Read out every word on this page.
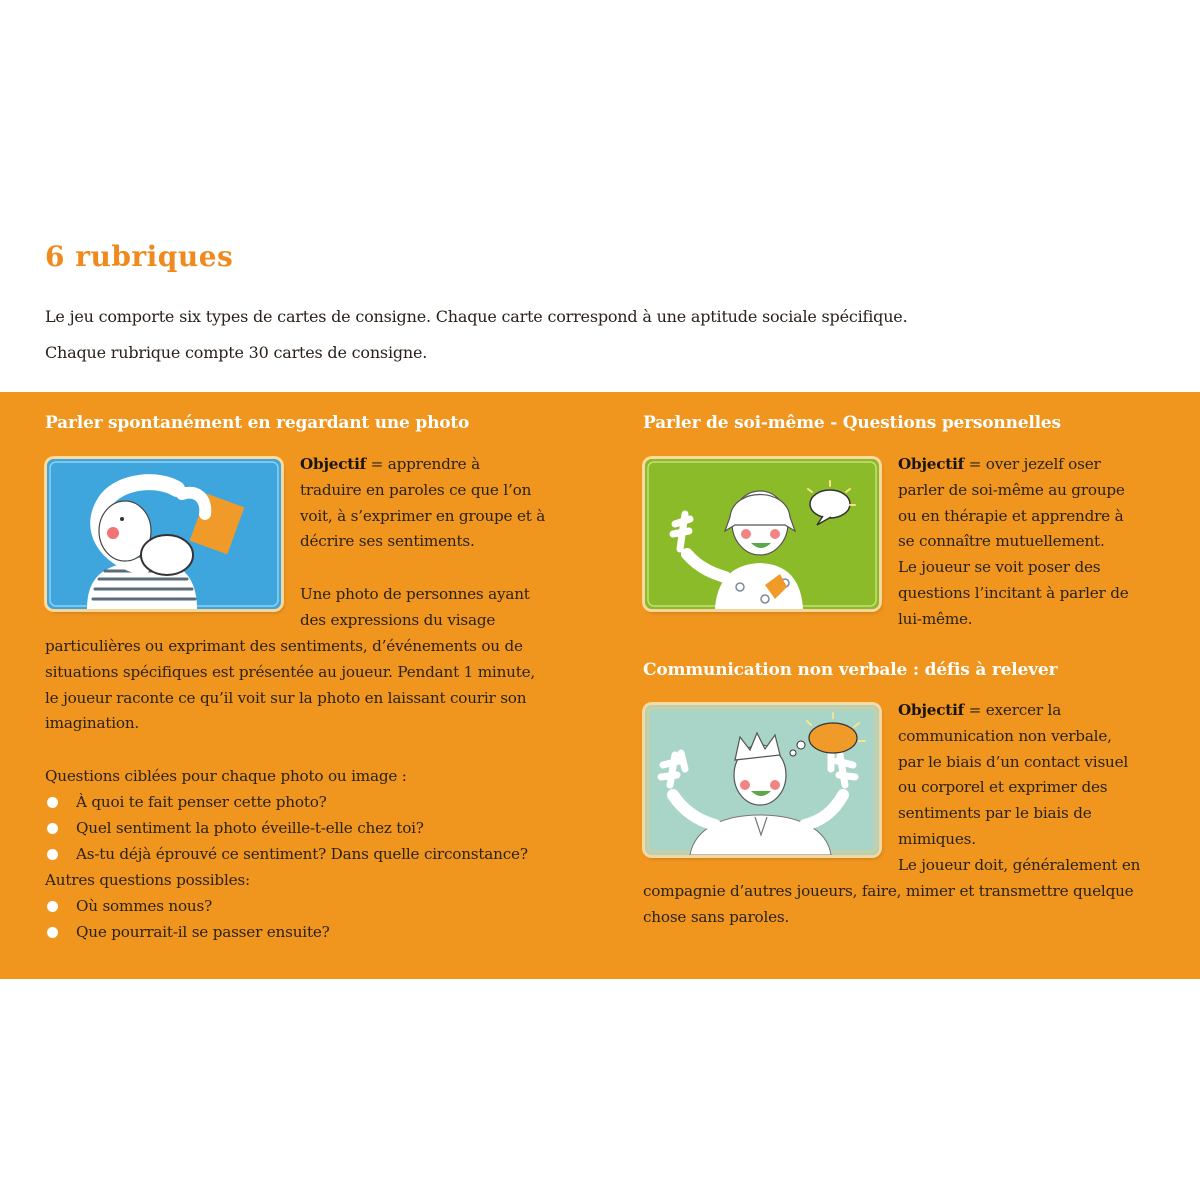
6 rubriques
Le jeu comporte six types de cartes de consigne. Chaque carte correspond à une aptitude sociale spécifique.
Chaque rubrique compte 30 cartes de consigne.
Parler spontanément en regardant une photo
Objectif = apprendre à
traduire en paroles ce que l’on
voit, à s’exprimer en groupe et à
décrire ses sentiments.
Une photo de personnes ayant
des expressions du visage
particulières ou exprimant des sentiments, d’événements ou de
situations spécifiques est présentée au joueur. Pendant 1 minute,
le joueur raconte ce qu’il voit sur la photo en laissant courir son
imagination.
Questions ciblées pour chaque photo ou image :
À quoi te fait penser cette photo?
Quel sentiment la photo éveille-t-elle chez toi?
As-tu déjà éprouvé ce sentiment? Dans quelle circonstance?
Autres questions possibles:
Où sommes nous?
Que pourrait-il se passer ensuite?
Parler de soi-même - Questions personnelles
Objectif = over jezelf oser
parler de soi-même au groupe
ou en thérapie et apprendre à
se connaître mutuellement.
Le joueur se voit poser des
questions l’incitant à parler de
lui-même.
Communication non verbale : défis à relever
Objectif = exercer la
communication non verbale,
par le biais d’un contact visuel
ou corporel et exprimer des
sentiments par le biais de
mimiques.
Le joueur doit, généralement en
compagnie d’autres joueurs, faire, mimer et transmettre quelque
chose sans paroles.
